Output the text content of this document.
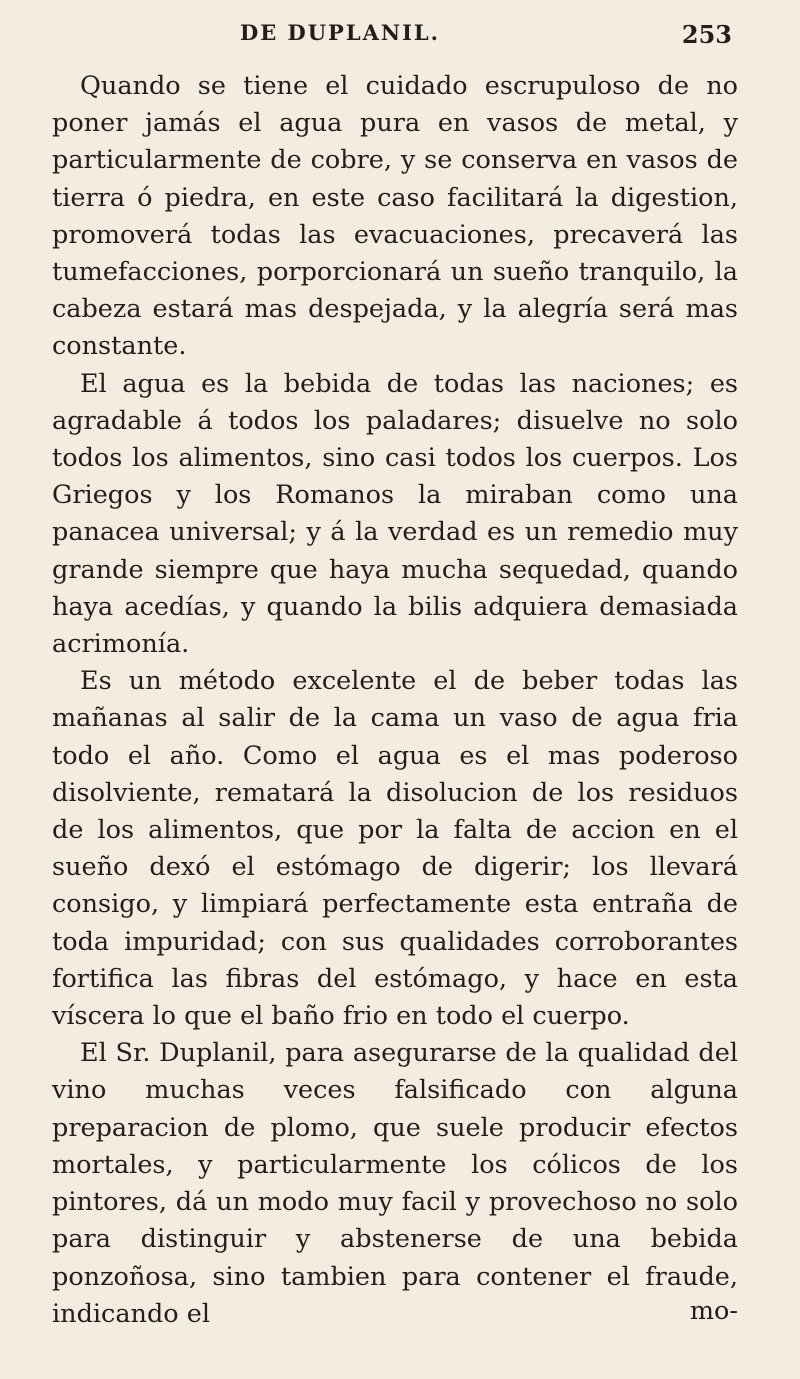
DE DUPLANIL.	253

Quando se tiene el cuidado escrupuloso de no poner jamás el agua pura en vasos de metal, y particularmente de cobre, y se conserva en vasos de tierra ó piedra, en este caso facilitará la digestion, promoverá todas las evacuaciones, precaverá las tumefacciones, porporcionará un sueño tranquilo, la cabeza estará mas despejada, y la alegría será mas constante.

El agua es la bebida de todas las naciones; es agradable á todos los paladares; disuelve no solo todos los alimentos, sino casi todos los cuerpos. Los Griegos y los Romanos la miraban como una panacea universal; y á la verdad es un remedio muy grande siempre que haya mucha sequedad, quando haya acedías, y quando la bilis adquiera demasiada acrimonía.

Es un método excelente el de beber todas las mañanas al salir de la cama un vaso de agua fria todo el año. Como el agua es el mas poderoso disolviente, rematará la disolucion de los residuos de los alimentos, que por la falta de accion en el sueño dexó el estómago de digerir; los llevará consigo, y limpiará perfectamente esta entraña de toda impuridad; con sus qualidades corroborantes fortifica las fibras del estómago, y hace en esta víscera lo que el baño frio en todo el cuerpo.

El Sr. Duplanil, para asegurarse de la qualidad del vino muchas veces falsificado con alguna preparacion de plomo, que suele producir efectos mortales, y particularmente los cólicos de los pintores, dá un modo muy facil y provechoso no solo para distinguir y abstenerse de una bebida ponzoñosa, sino tambien para contener el fraude, indicando el	mo-
